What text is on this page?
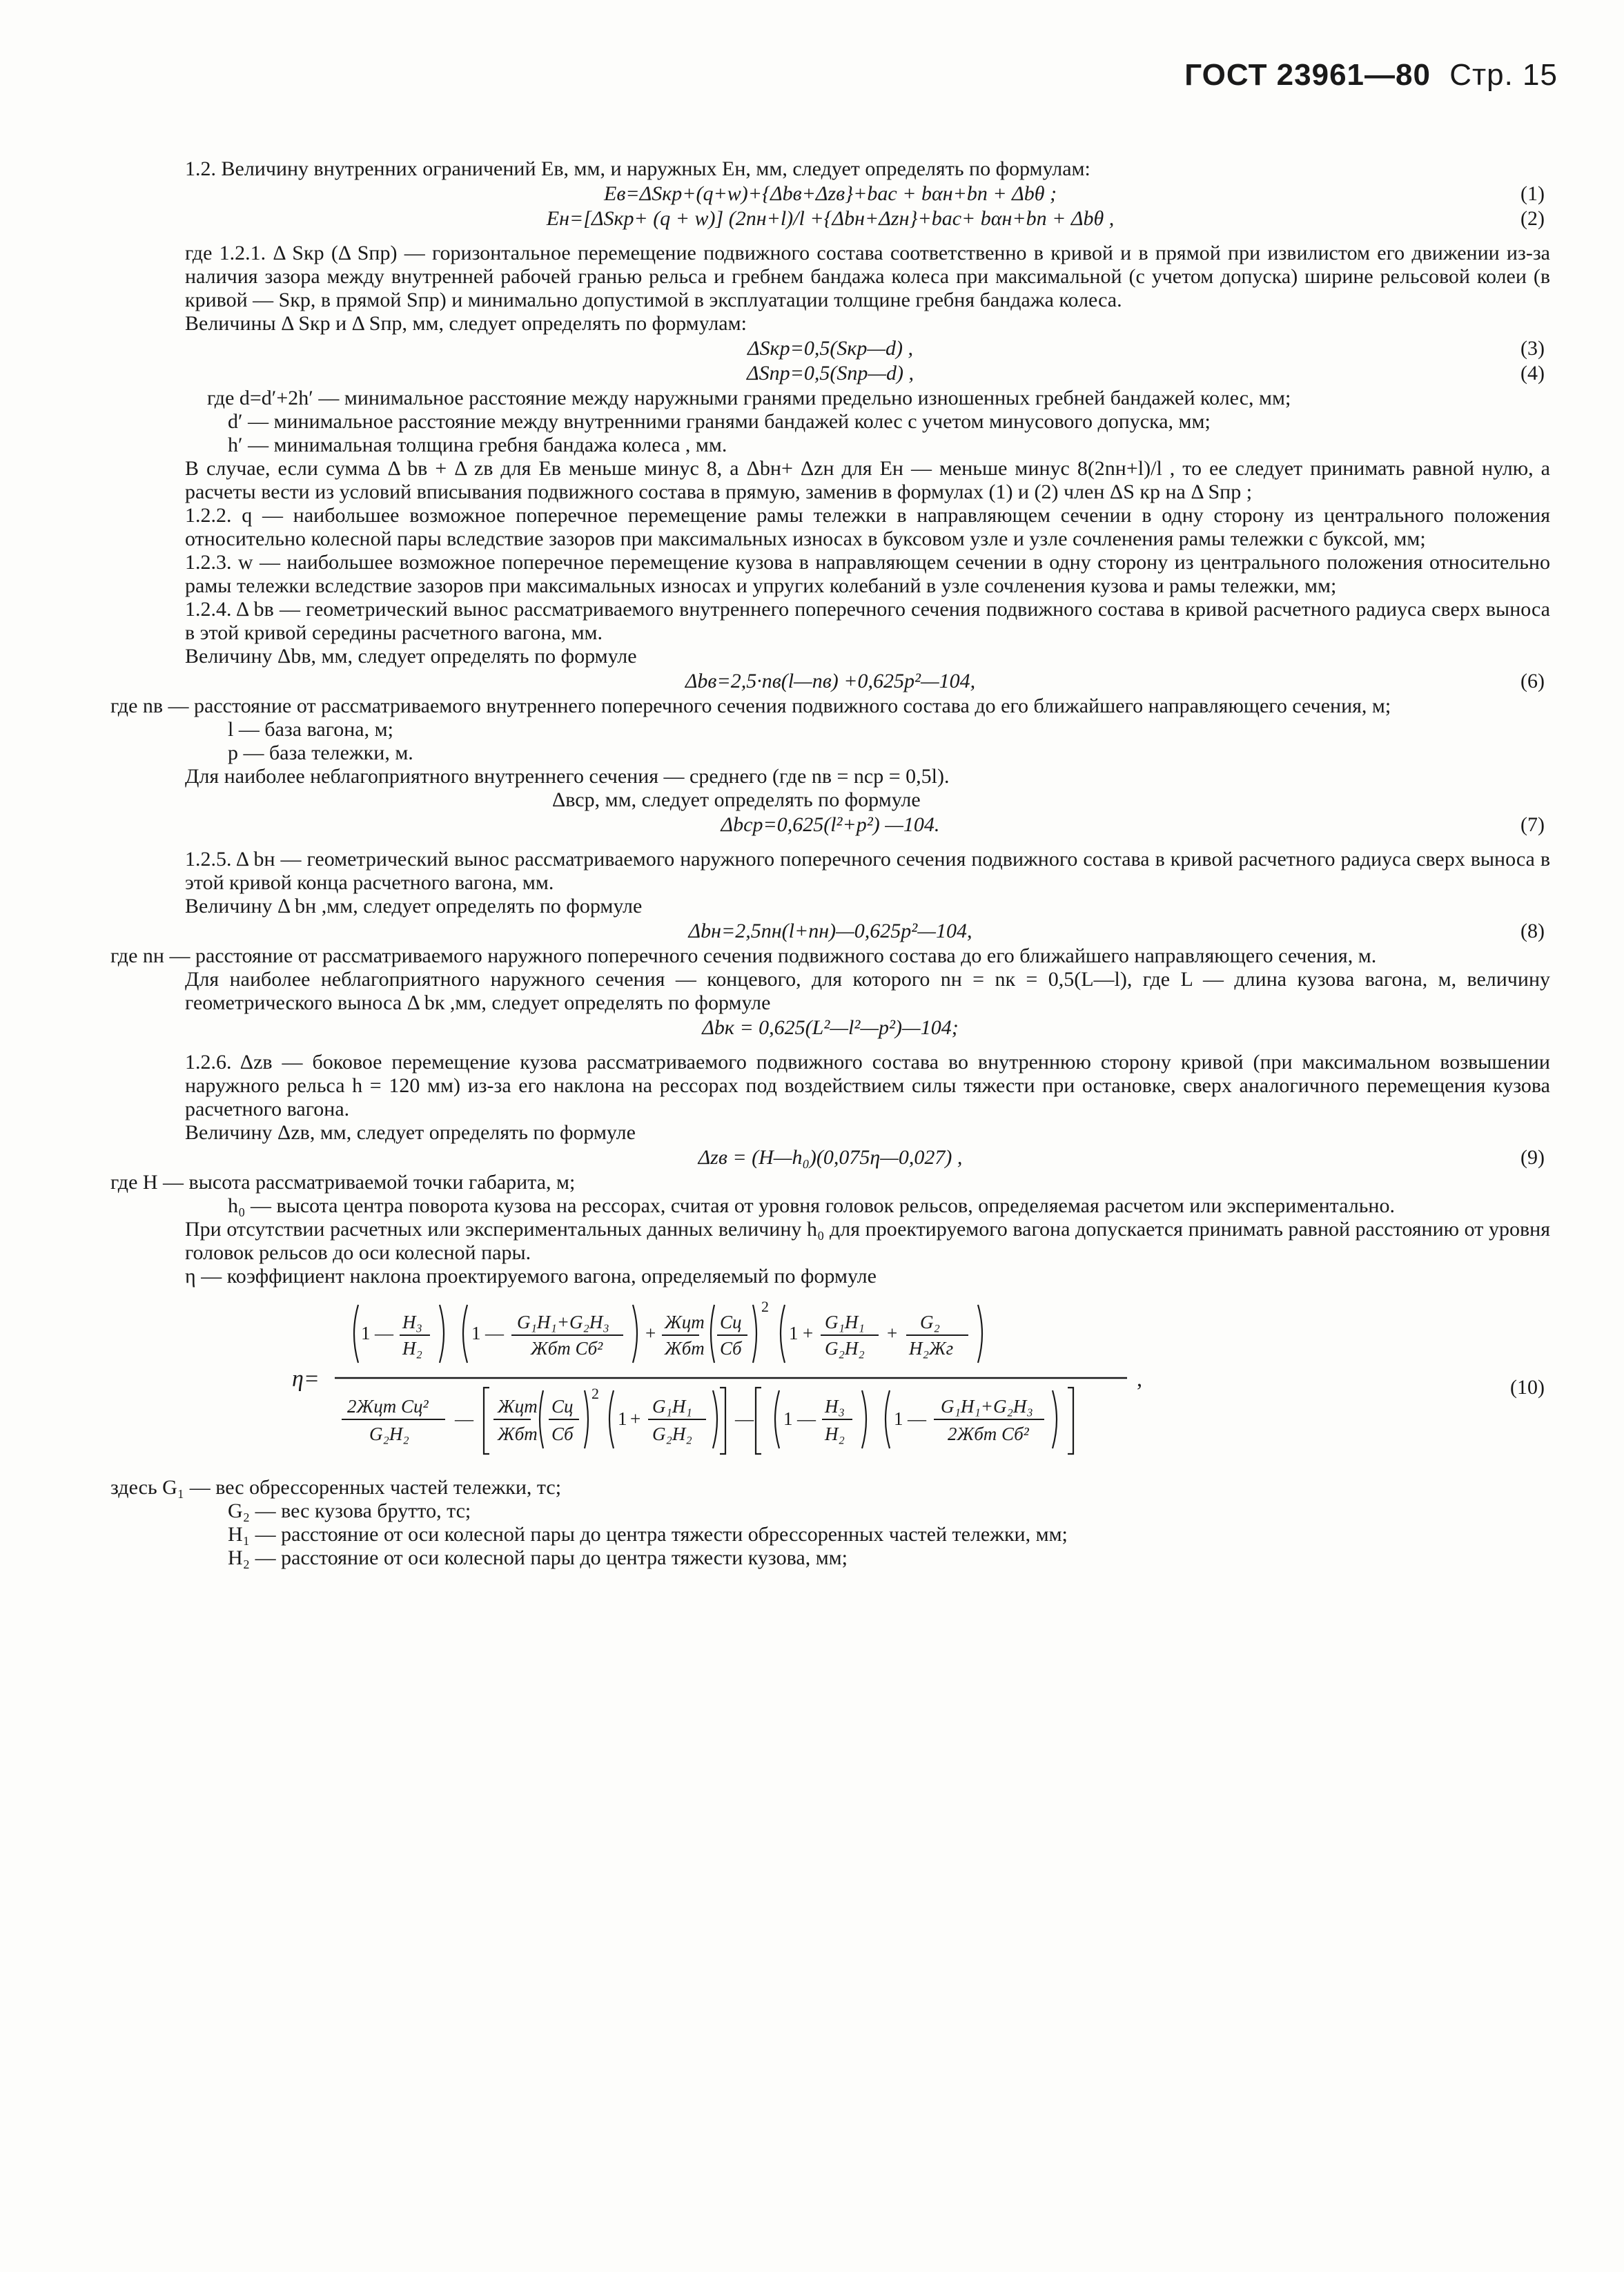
ГОСТ 23961—80 Стр. 15

1.2. Величину внутренних ограничений Eв, мм, и наружных Eн, мм, следует определять по формулам:

Eв=ΔSкр+(q+w)+{Δbв+Δzв}+bас + bαн+bп + Δbθ ;	(1)
Eн=[ΔSкр+ (q + w)] (2nн+l)/l +{Δbн+Δzн}+bас+ bαн+bп + Δbθ ,	(2)

где 1.2.1. Δ Sкр (Δ Sпр) — горизонтальное перемещение подвижного состава соответственно в кривой и в прямой при извилистом его движении из-за наличия зазора между внутренней рабочей гранью рельса и гребнем бандажа колеса при максимальной (с учетом допуска) ширине рельсовой колеи (в кривой — Sкр, в прямой Sпр) и минимально допустимой в эксплуатации толщине гребня бандажа колеса.

Величины Δ Sкр и Δ Sпр, мм, следует определять по формулам:

ΔSкр=0,5(Sкр—d) ,	(3)
ΔSпр=0,5(Sпр—d) ,	(4)

где d=d′+2h′ — минимальное расстояние между наружными гранями предельно изношенных гребней бандажей колес, мм;

d′ — минимальное расстояние между внутренними гранями бандажей колес с учетом минусового допуска, мм;

h′ — минимальная толщина гребня бандажа колеса , мм.

В случае, если сумма Δ bв + Δ zв для Eв меньше минус 8, а Δbн+ Δzн для Eн — меньше минус 8(2nн+l)/l , то ее следует принимать равной нулю, а расчеты вести из условий вписывания подвижного состава в прямую, заменив в формулах (1) и (2) член ΔS кр на Δ Sпр ;

1.2.2. q — наибольшее возможное поперечное перемещение рамы тележки в направляющем сечении в одну сторону из центрального положения относительно колесной пары вследствие зазоров при максимальных износах в буксовом узле и узле сочленения рамы тележки с буксой, мм;

1.2.3. w — наибольшее возможное поперечное перемещение кузова в направляющем сечении в одну сторону из центрального положения относительно рамы тележки вследствие зазоров при максимальных износах и упругих колебаний в узле сочленения кузова и рамы тележки, мм;

1.2.4. Δ bв — геометрический вынос рассматриваемого внутреннего поперечного сечения подвижного состава в кривой расчетного радиуса сверх выноса в этой кривой середины расчетного вагона, мм.

Величину Δbв, мм, следует определять по формуле

Δbв=2,5·nв(l—nв) +0,625p²—104,	(6)

где nв — расстояние от рассматриваемого внутреннего поперечного сечения подвижного состава до его ближайшего направляющего сечения, м;

l — база вагона, м;

p — база тележки, м.

Для наиболее неблагоприятного внутреннего сечения — среднего (где nв = nср = 0,5l).

Δвср, мм, следует определять по формуле

Δbср=0,625(l²+p²) —104.	(7)

1.2.5. Δ bн — геометрический вынос рассматриваемого наружного поперечного сечения подвижного состава в кривой расчетного радиуса сверх выноса в этой кривой конца расчетного вагона, мм.

Величину Δ bн ,мм, следует определять по формуле

Δbн=2,5nн(l+nн)—0,625p²—104,	(8)

где nн — расстояние от рассматриваемого наружного поперечного сечения подвижного состава до его ближайшего направляющего сечения, м.

Для наиболее неблагоприятного наружного сечения — концевого, для которого nн = nк = 0,5(L—l), где L — длина кузова вагона, м, величину геометрического выноса Δ bк ,мм, следует определять по формуле

Δbк = 0,625(L²—l²—p²)—104;

1.2.6. Δzв — боковое перемещение кузова рассматриваемого подвижного состава во внутреннюю сторону кривой (при максимальном возвышении наружного рельса h = 120 мм) из-за его наклона на рессорах под воздействием силы тяжести при остановке, сверх аналогичного перемещения кузова расчетного вагона.

Величину Δzв, мм, следует определять по формуле

Δzв = (H—h₀)(0,075η—0,027) ,	(9)

где H — высота рассматриваемой точки габарита, м;

h₀ — высота центра поворота кузова на рессорах, считая от уровня головок рельсов, определяемая расчетом или экспериментально.

При отсутствии расчетных или экспериментальных данных величину h₀ для проектируемого вагона допускается принимать равной расстоянию от уровня головок рельсов до оси колесной пары.

η — коэффициент наклона проектируемого вагона, определяемый по формуле

η=
1 —
H₃
H₂
1 —
G₁H₁+G₂H₃
Жбт Cб²
+
Жцт
Жбт
Cц
Cб
2
1 +
G₁H₁
G₂H₂
+
G₂
H₂Жг
2Жцт Cц²
G₂H₂
—
Жцт
Жбт
Cц
Cб
2
1 +
G₁H₁
G₂H₂
— 1 —
H₃
H₂
1 —
G₁H₁+G₂H₃
2Жбт Cб²
,	(10)

здесь G₁ — вес обрессоренных частей тележки, тс;

G₂ — вес кузова брутто, тс;

H₁ — расстояние от оси колесной пары до центра тяжести обрессоренных частей тележки, мм;

H₂ — расстояние от оси колесной пары до центра тяжести кузова, мм;
